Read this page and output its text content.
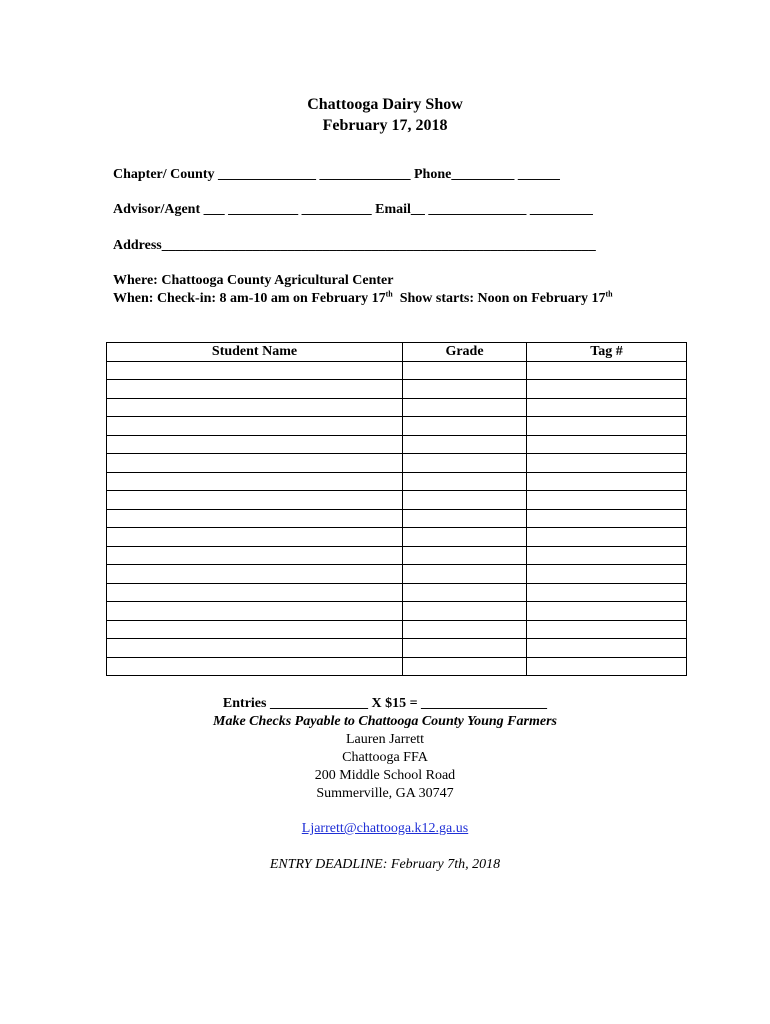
Chattooga Dairy Show
February 17, 2018
Chapter/ County ______________ _____________ Phone_________ ______
Advisor/Agent ___ __________ __________ Email__ ______________ _________
Address______________________________________________________________
Where: Chattooga County Agricultural Center
When: Check-in: 8 am-10 am on February 17th  Show starts: Noon on February 17th
Student Name	Grade	Tag #

Entries ______________ X $15 = __________________
Make Checks Payable to Chattooga County Young Farmers
Lauren Jarrett
Chattooga FFA
200 Middle School Road
Summerville, GA 30747
Ljarrett@chattooga.k12.ga.us
ENTRY DEADLINE: February 7th, 2018
